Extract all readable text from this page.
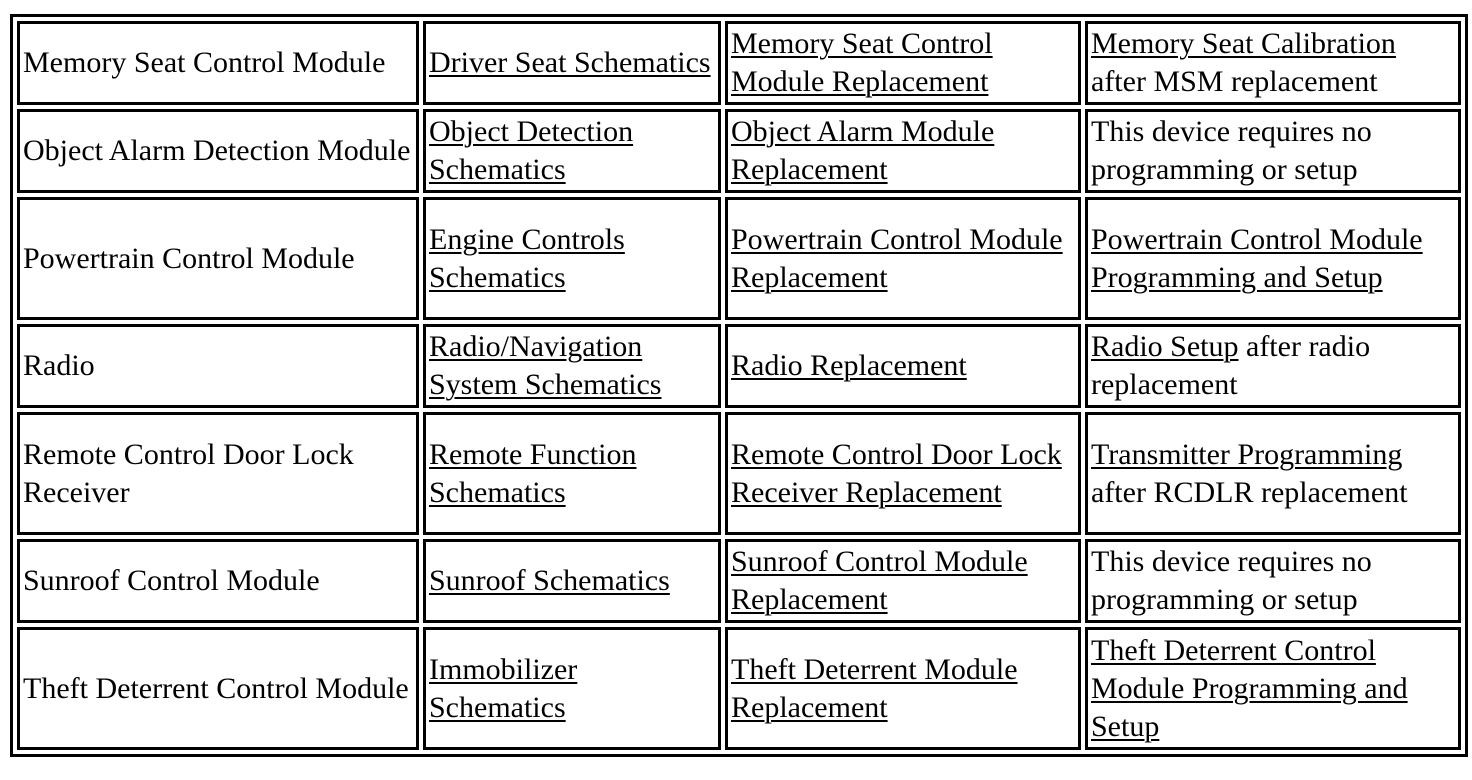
Memory Seat Control Module	Driver Seat Schematics	Memory Seat Control Module Replacement	Memory Seat Calibration after MSM replacement
Object Alarm Detection Module	Object Detection Schematics	Object Alarm Module Replacement	This device requires no programming or setup
Powertrain Control Module	Engine Controls Schematics	Powertrain Control Module Replacement	Powertrain Control Module Programming and Setup
Radio	Radio/Navigation System Schematics	Radio Replacement	Radio Setup after radio replacement
Remote Control Door Lock Receiver	Remote Function Schematics	Remote Control Door Lock Receiver Replacement	Transmitter Programming after RCDLR replacement
Sunroof Control Module	Sunroof Schematics	Sunroof Control Module Replacement	This device requires no programming or setup
Theft Deterrent Control Module	Immobilizer Schematics	Theft Deterrent Module Replacement	Theft Deterrent Control Module Programming and Setup
